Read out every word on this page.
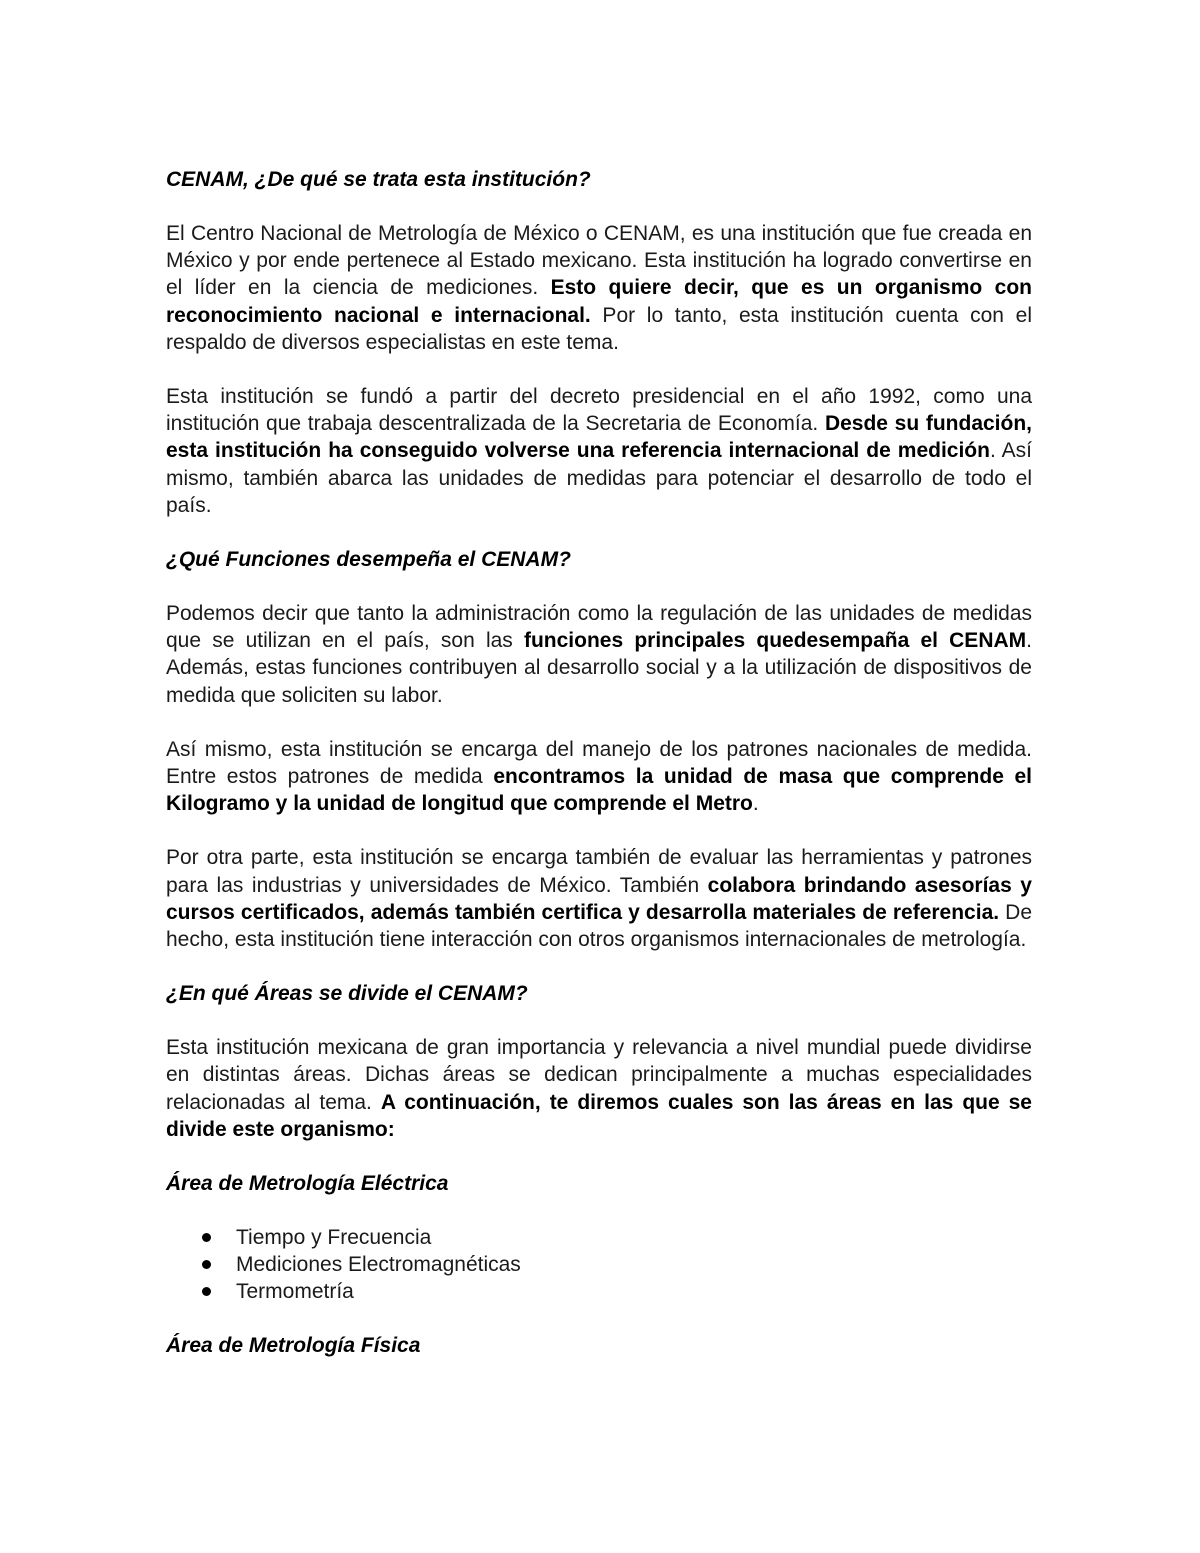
CENAM, ¿De qué se trata esta institución?

El Centro Nacional de Metrología de México o CENAM, es una institución que fue creada en México y por ende pertenece al Estado mexicano. Esta institución ha logrado convertirse en el líder en la ciencia de mediciones. Esto quiere decir, que es un organismo con reconocimiento nacional e internacional. Por lo tanto, esta institución cuenta con el respaldo de diversos especialistas en este tema.

Esta institución se fundó a partir del decreto presidencial en el año 1992, como una institución que trabaja descentralizada de la Secretaria de Economía. Desde su fundación, esta institución ha conseguido volverse una referencia internacional de medición. Así mismo, también abarca las unidades de medidas para potenciar el desarrollo de todo el país.

¿Qué Funciones desempeña el CENAM?

Podemos decir que tanto la administración como la regulación de las unidades de medidas que se utilizan en el país, son las funciones principales quedesempaña el CENAM. Además, estas funciones contribuyen al desarrollo social y a la utilización de dispositivos de medida que soliciten su labor.

Así mismo, esta institución se encarga del manejo de los patrones nacionales de medida. Entre estos patrones de medida encontramos la unidad de masa que comprende el Kilogramo y la unidad de longitud que comprende el Metro.

Por otra parte, esta institución se encarga también de evaluar las herramientas y patrones para las industrias y universidades de México. También colabora brindando asesorías y cursos certificados, además también certifica y desarrolla materiales de referencia. De hecho, esta institución tiene interacción con otros organismos internacionales de metrología.

¿En qué Áreas se divide el CENAM?

Esta institución mexicana de gran importancia y relevancia a nivel mundial puede dividirse en distintas áreas. Dichas áreas se dedican principalmente a muchas especialidades relacionadas al tema. A continuación, te diremos cuales son las áreas en las que se divide este organismo:

Área de Metrología Eléctrica
Tiempo y Frecuencia
Mediciones Electromagnéticas
Termometría
Área de Metrología Física
